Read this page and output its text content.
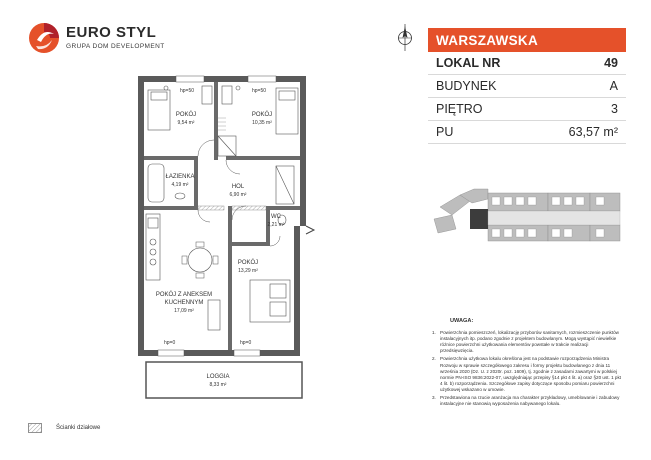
EURO STYL
GRUPA DOM DEVELOPMENT	WARSZAWSKA
LOKAL NR	49
BUDYNEK	A
PIĘTRO	3
PU	63,57 m²
UWAGA:
1. Powierzchnia pomieszczeń, lokalizację przyborów sanitarnych, rozmieszczenie punktów instalacyjnych itp. podano zgodnie z projektem budowlanym. Mogą wystąpić niewielkie różnice powierzchni użytkowania elementów powstałe w trakcie realizacji przedsięwzięcia.
2. Powierzchnia użytkowa lokalu określona jest na podstawie rozporządzenia Ministra Rozwoju w sprawie szczegółowego zakresu i formy projektu budowlanego z dnia 11 września 2020 (Dz. U. z 2020r. poz. 1609), tj. zgodnie z zasadami zawartymi w polskiej normie PN-ISO 9836:2022-07, uwzględniając przepisy §14 pkt 4 lit. a) oraz §20 ust. 1 pkt 4 lit. b) rozporządzenia. Szczegółowe zapisy dotyczące sposobu pomiaru powierzchni użytkowej wskazano w umowie.
3. Przedstawiona na rzucie aranżacja ma charakter przykładowy, umeblowanie i zabudowy instalacyjne nie stanowią wyposażenia nabywanego lokalu.
hp=50	hp=50
hp=0	hp=0
POKÓJ
9,54 m²
POKÓJ
10,35 m²
ŁAZIENKA
4,19 m²	HOL
6,90 m²
WC
2,21 m²
POKÓJ
13,29 m²
POKÓJ Z ANEKSEM
KUCHENNYM
17,09 m²
LOGGIA
8,33 m²
Ścianki działowe
